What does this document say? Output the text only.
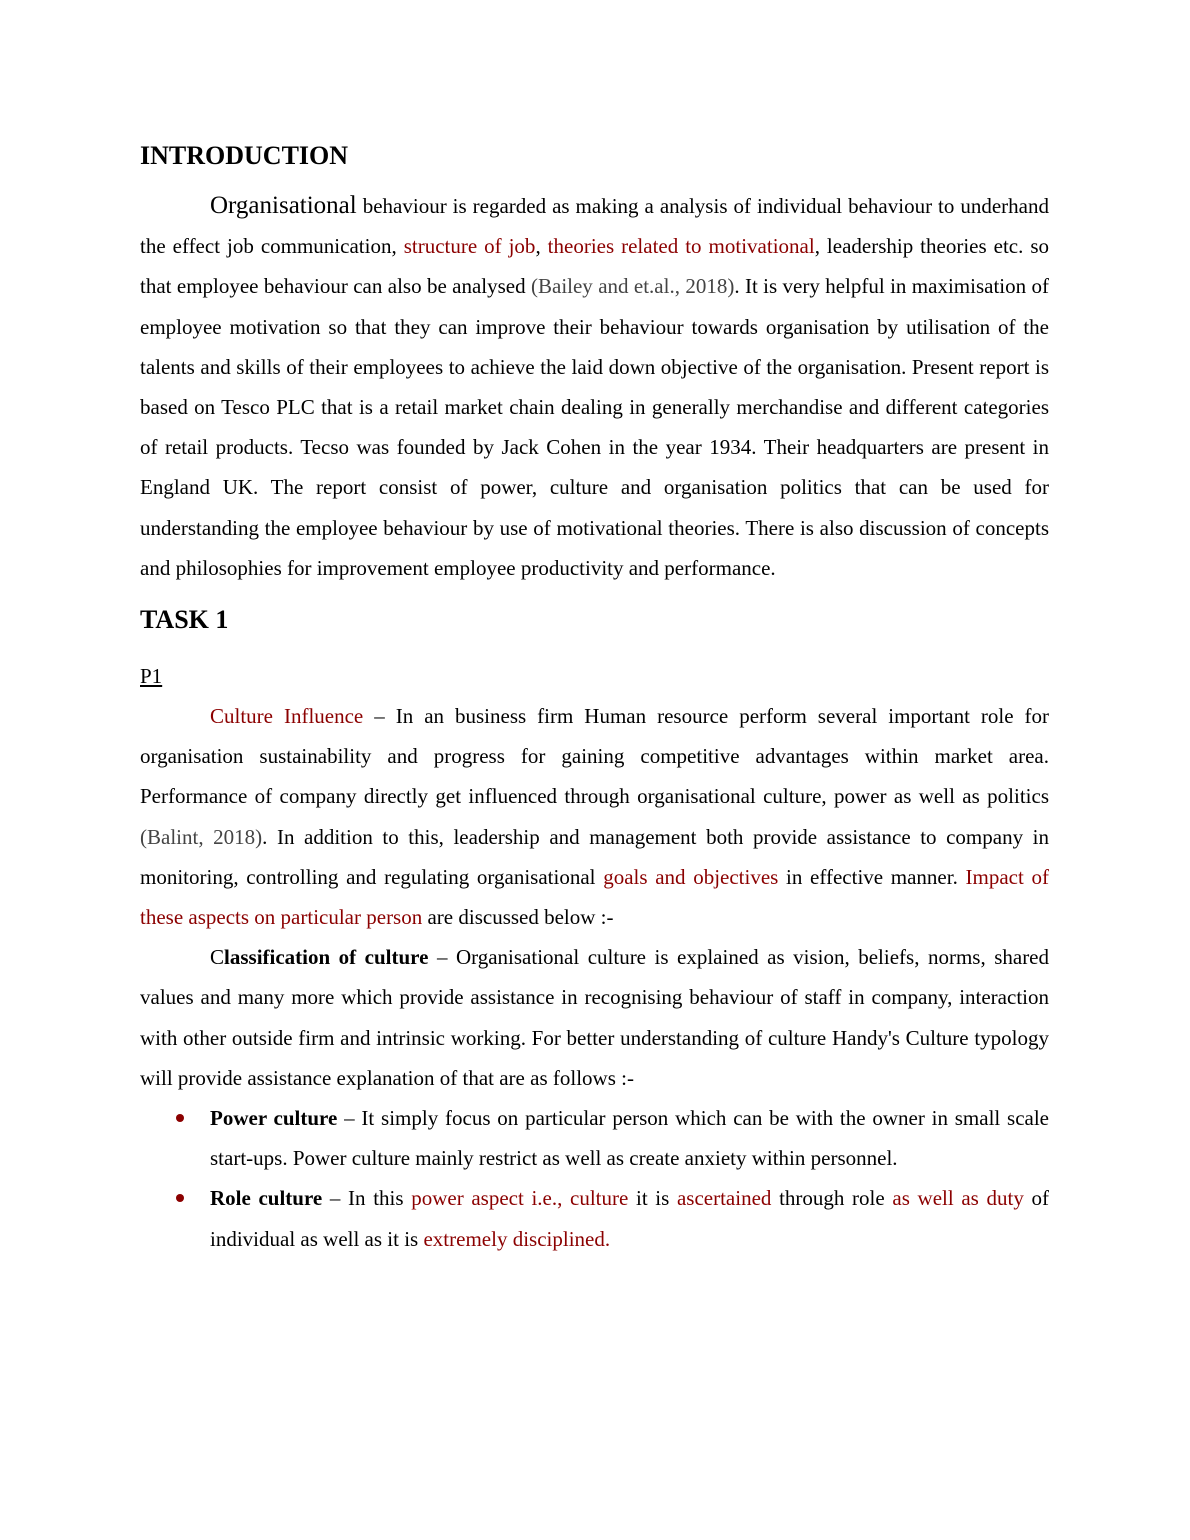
INTRODUCTION

Organisational behaviour is regarded as making a analysis of individual behaviour to underhand the effect job communication, structure of job, theories related to motivational, leadership theories etc. so that employee behaviour can also be analysed (Bailey and et.al., 2018). It is very helpful in maximisation of employee motivation so that they can improve their behaviour towards organisation by utilisation of the talents and skills of their employees to achieve the laid down objective of the organisation. Present report is based on Tesco PLC that is a retail market chain dealing in generally merchandise and different categories of retail products. Tecso was founded by Jack Cohen in the year 1934. Their headquarters are present in England UK. The report consist of power, culture and organisation politics that can be used for understanding the employee behaviour by use of motivational theories. There is also discussion of concepts and philosophies for improvement employee productivity and performance.

TASK 1

P1

Culture Influence – In an business firm Human resource perform several important role for organisation sustainability and progress for gaining competitive advantages within market area. Performance of company directly get influenced through organisational culture, power as well as politics (Balint, 2018). In addition to this, leadership and management both provide assistance to company in monitoring, controlling and regulating organisational goals and objectives in effective manner. Impact of these aspects on particular person are discussed below :-

Classification of culture – Organisational culture is explained as vision, beliefs, norms, shared values and many more which provide assistance in recognising behaviour of staff in company, interaction with other outside firm and intrinsic working. For better understanding of culture Handy's Culture typology will provide assistance explanation of that are as follows :-

Power culture – It simply focus on particular person which can be with the owner in small scale start-ups. Power culture mainly restrict as well as create anxiety within personnel.
Role culture – In this power aspect i.e., culture it is ascertained through role as well as duty of individual as well as it is extremely disciplined.
